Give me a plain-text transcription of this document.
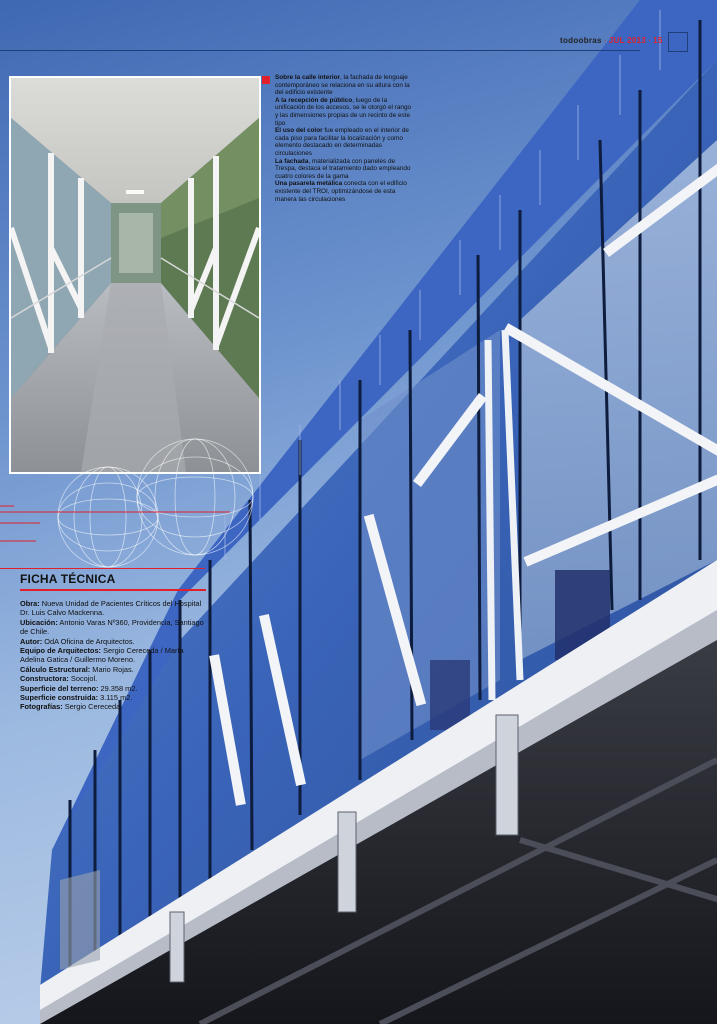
todoobras · JUL 2013 · 15

Sobre la calle interior, la fachada de lenguaje contemporáneo se relaciona en su altura con la del edificio existente

A la recepción de público, luego de la unificación de los accesos, se le otorgó el rango y las dimensiones propias de un recinto de este tipo

El uso del color fue empleado en el interior de cada piso para facilitar la localización y como elemento destacado en determinadas circulaciones

La fachada, materializada con paneles de Trespa, destaca el tratamiento dado empleando cuatro colores de la gama

Una pasarela metálica conecta con el edificio existente del TROI, optimizándose de esta manera las circulaciones

FICHA TÉCNICA

Obra: Nueva Unidad de Pacientes Críticos del Hospital Dr. Luis Calvo Mackenna.

Ubicación: Antonio Varas Nº360, Providencia, Santiago de Chile.

Autor: OdA Oficina de Arquitectos.

Equipo de Arquitectos: Sergio Cereceda / María Adelina Gatica / Guillermo Moreno.

Cálculo Estructural: Mario Rojas.

Constructora: Socojol.

Superficie del terreno: 29.358 m2.

Superficie construida: 3.115 m2.

Fotografías: Sergio Cereceda.
